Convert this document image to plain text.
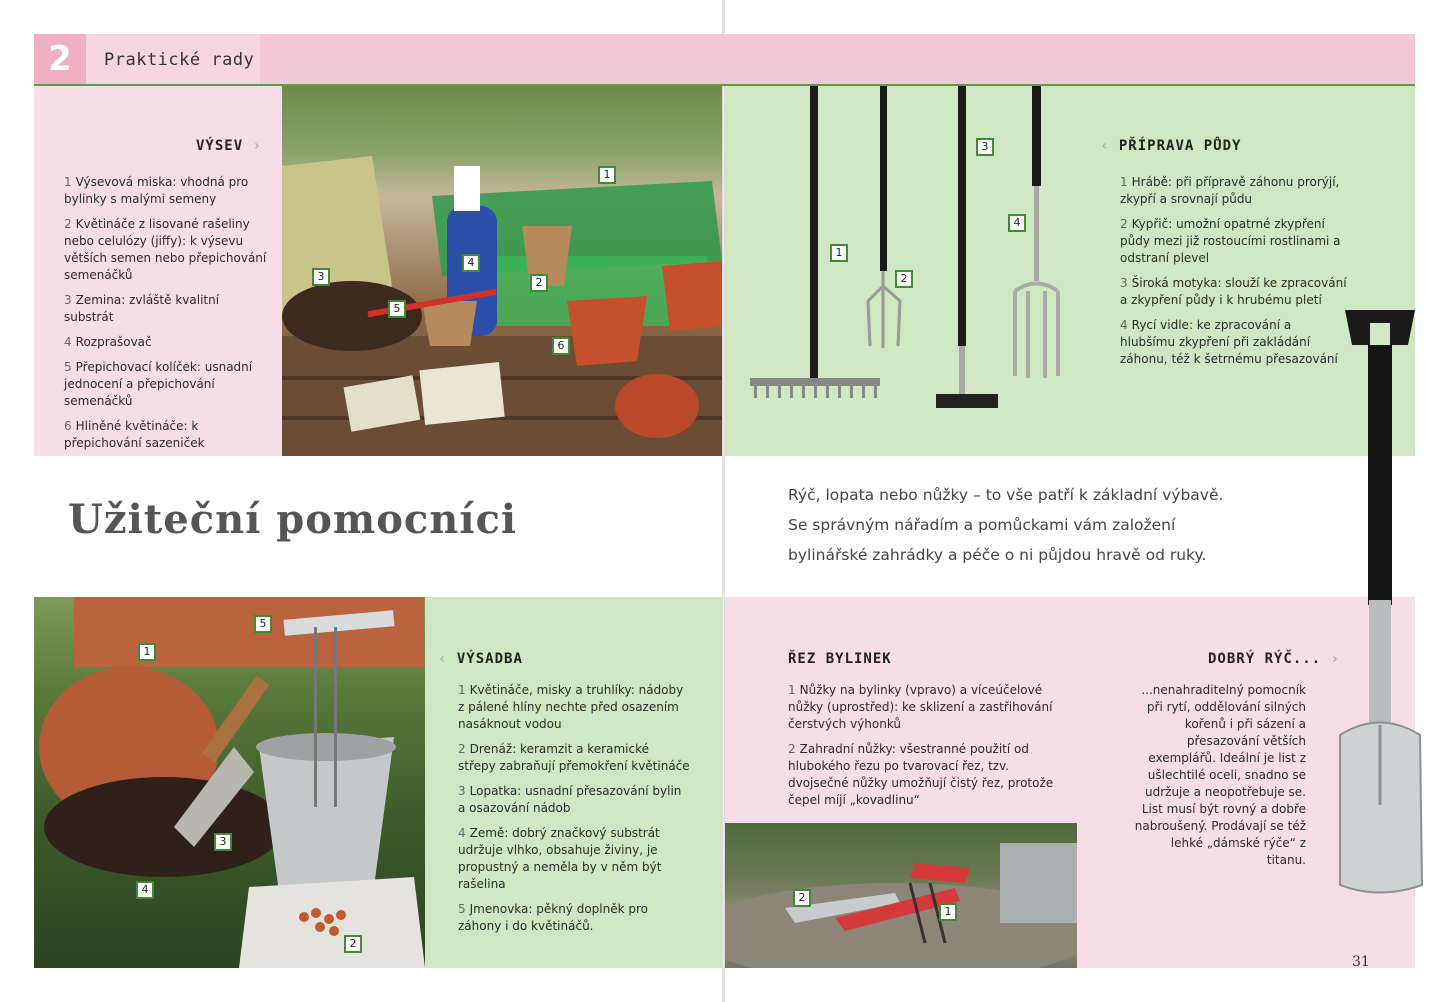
2	Praktické rady
VÝSEV ›
1 Výsevová miska: vhodná pro bylinky s malými semeny
2 Květináče z lisované rašeliny nebo celulózy (jiffy): k výsevu větších semen nebo přepichování semenáčků
3 Zemina: zvláště kvalitní substrát
4 Rozprašovač
5 Přepichovací kolíček: usnadní jednocení a přepichování semenáčků
6 Hliněné květináče: k přepichování sazeniček
1
2
3
4
5
6
1
2
3
4
‹ PŘÍPRAVA PŮDY
1 Hrábě: při přípravě záhonu prorýjí, zkypří a srovnají půdu
2 Kypřič: umožní opatrné zkypření půdy mezi již rostoucími rostlinami a odstraní plevel
3 Široká motyka: slouží ke zpracování a zkypření půdy i k hrubému pletí
4 Rycí vidle: ke zpracování a hlubšímu zkypření při zakládání záhonu, též k šetrnému přesazování
Užiteční pomocníci
Rýč, lopata nebo nůžky – to vše patří k základní výbavě.
Se správným nářadím a pomůckami vám založení
bylinářské zahrádky a péče o ni půjdou hravě od ruky.
1
2
3
4
5
‹ VÝSADBA
1 Květináče, misky a truhlíky: nádoby z pálené hlíny nechte před osazením nasáknout vodou
2 Drenáž: keramzit a keramické střepy zabraňují přemokření květináče
3 Lopatka: usnadní přesazování bylin a osazování nádob
4 Země: dobrý značkový substrát udržuje vlhko, obsahuje živiny, je propustný a neměla by v něm být rašelina
5 Jmenovka: pěkný doplněk pro záhony i do květináčů.
ŘEZ BYLINEK
1 Nůžky na bylinky (vpravo) a víceúčelové nůžky (uprostřed): ke sklizení a zastřihování čerstvých výhonků
2 Zahradní nůžky: všestranné použití od hlubokého řezu po tvarovací řez, tzv. dvojsečné nůžky umožňují čistý řez, protože čepel míjí „kovadlinu“
1
2
DOBRÝ RÝČ... ›
...nenahraditelný pomocník při rytí, oddělování silných kořenů i při sázení a přesazování větších exemplářů. Ideální je list z ušlechtilé oceli, snadno se udržuje a neopotřebuje se. List musí být rovný a dobře nabroušený. Prodávají se též lehké „dámské rýče“ z titanu.
31
